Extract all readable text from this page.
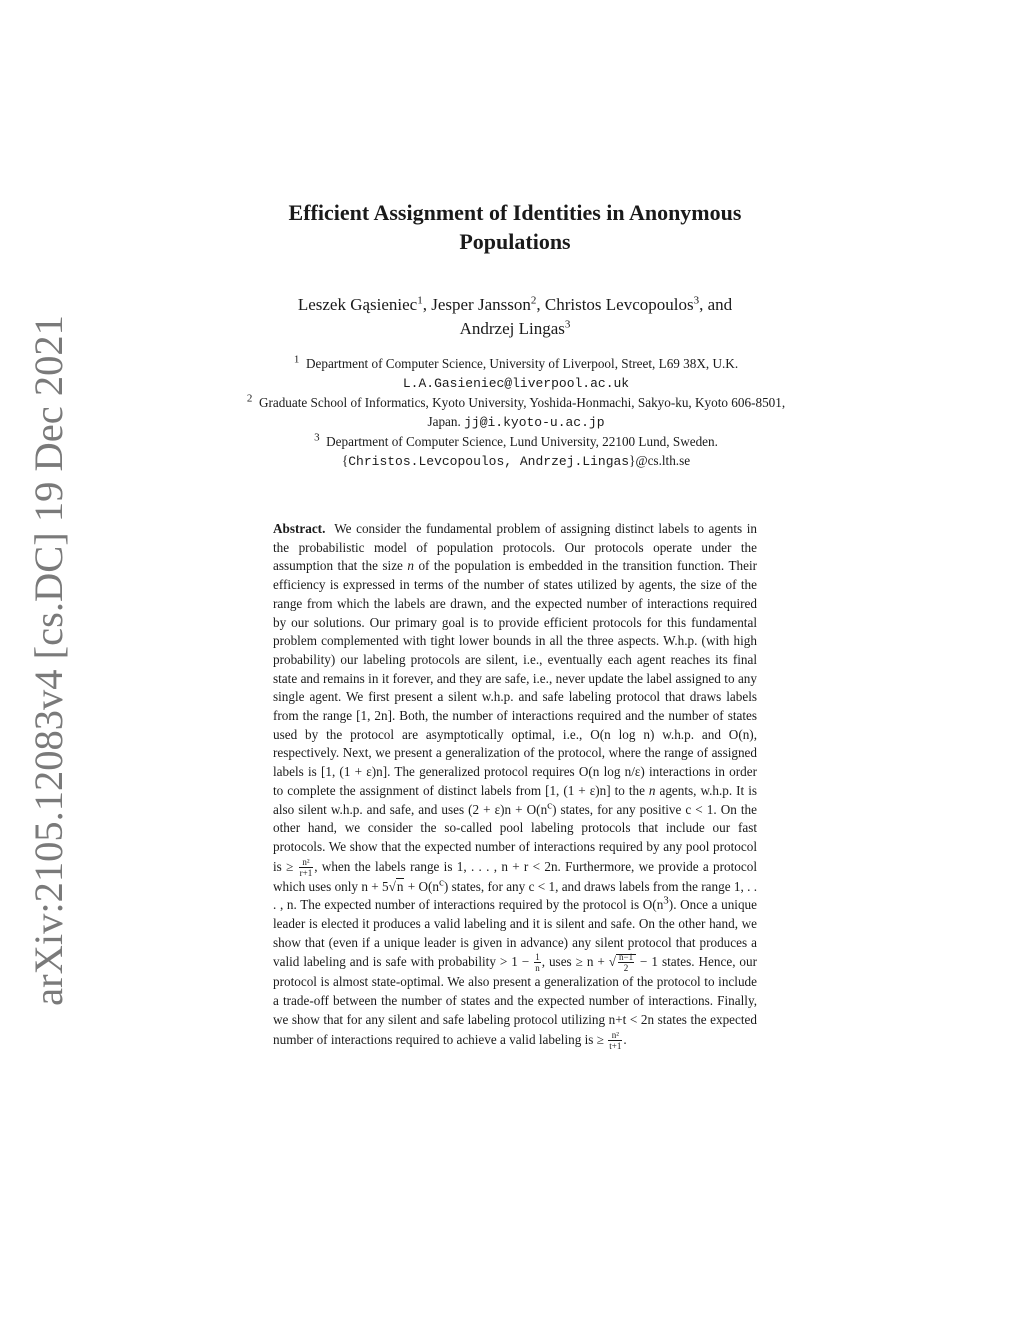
arXiv:2105.12083v4 [cs.DC] 19 Dec 2021
Efficient Assignment of Identities in Anonymous
Populations
Leszek Gąsieniec$^1$, Jesper Jansson$^2$, Christos Levcopoulos$^3$, and
Andrzej Lingas$^3$

$^1$ Department of Computer Science, University of Liverpool, Street, L69 38X, U.K.
L.A.Gasieniec@liverpool.ac.uk

$^2$ Graduate School of Informatics, Kyoto University, Yoshida-Honmachi, Sakyo-ku, Kyoto 606-8501, Japan. jj@i.kyoto-u.ac.jp

$^3$ Department of Computer Science, Lund University, 22100 Lund, Sweden.
{Christos.Levcopoulos, Andrzej.Lingas}@cs.lth.se

Abstract. We consider the fundamental problem of assigning distinct labels to agents in the probabilistic model of population protocols. Our protocols operate under the assumption that the size n of the population is embedded in the transition function. Their efficiency is expressed in terms of the number of states utilized by agents, the size of the range from which the labels are drawn, and the expected number of interactions required by our solutions. Our primary goal is to provide efficient protocols for this fundamental problem complemented with tight lower bounds in all the three aspects. W.h.p. (with high probability) our labeling protocols are silent, i.e., eventually each agent reaches its final state and remains in it forever, and they are safe, i.e., never update the label assigned to any single agent. We first present a silent w.h.p. and safe labeling protocol that draws labels from the range [1, 2n]. Both, the number of interactions required and the number of states used by the protocol are asymptotically optimal, i.e., O(n log n) w.h.p. and O(n), respectively. Next, we present a generalization of the protocol, where the range of assigned labels is [1, (1 + ε)n]. The generalized protocol requires O(n log n/ε) interactions in order to complete the assignment of distinct labels from [1, (1 + ε)n] to the n agents, w.h.p. It is also silent w.h.p. and safe, and uses $(2 + \varepsilon)n + O(n^c)$ states, for any positive c < 1. On the other hand, we consider the so-called pool labeling protocols that include our fast protocols. We show that the expected number of interactions required by any pool protocol is ≥ $\frac{\text{n²}}{r+1}$ , when the labels range is 1, . . . , n + r < 2n. Furthermore, we provide a protocol which uses only $n + 5√n + O(n^c)$ states, for any c < 1, and draws labels from the range 1, . . . , n. The expected number of interactions required by the protocol is $O(n^3)$. Once a unique leader is elected it produces a valid labeling and it is silent and safe. On the other hand, we show that (even if a unique leader is given in advance) any silent protocol that produces a valid labeling and is safe with probability > $1 - \frac{1}{n}$ , uses ≥ n + √ $\frac{n-1}{2} - 1$ states. Hence, our protocol is almost state-optimal. We also present a generalization of the protocol to include a trade-off between the number of states and the expected number of interactions. Finally, we show that for any silent and safe labeling protocol utilizing n+t < 2n states the expected number of interactions required to achieve a valid labeling is ≥ $\frac{\text{n²}}{t+1}$ .
